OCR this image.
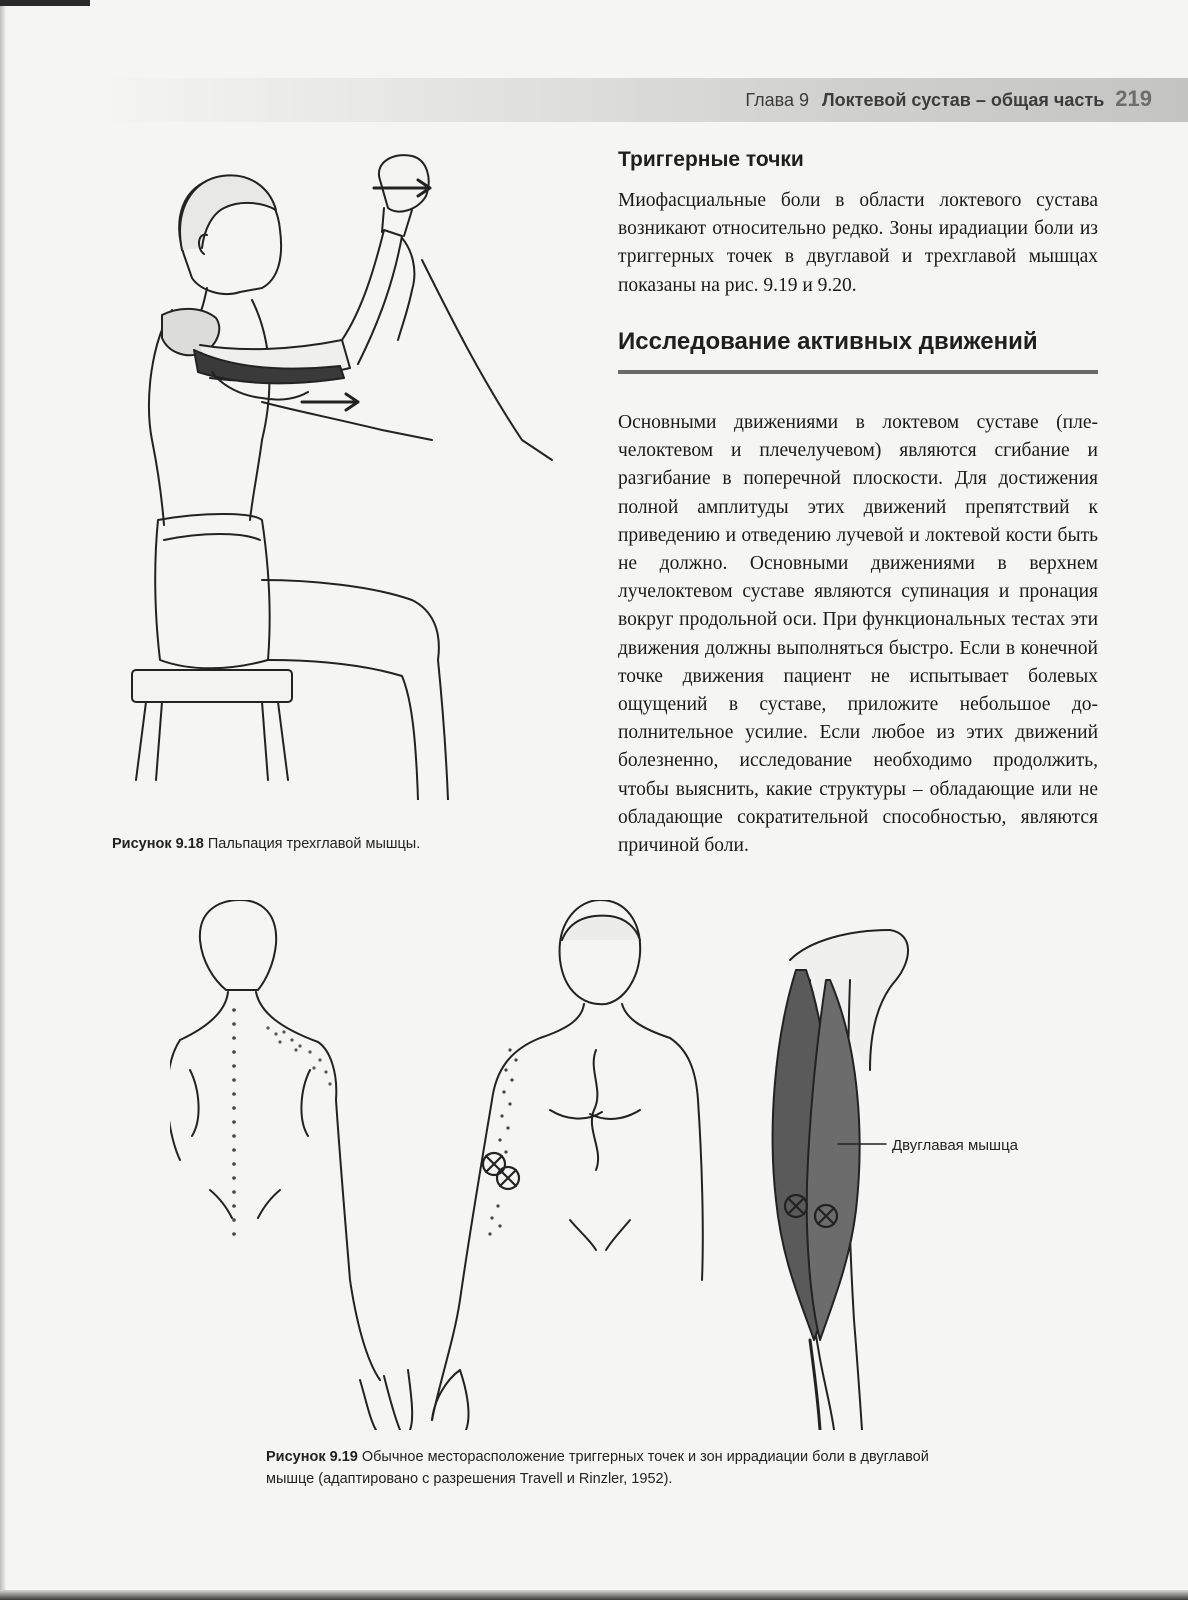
Глава 9 Локтевой сустав – общая часть 219

Рисунок 9.18 Пальпация трехглавой мышцы.

Триггерные точки

Миофасциальные боли в области локтевого сустава возникают относительно редко. Зоны ирадиации боли из триггерных точек в двуглавой и трехглавой мышцах показаны на рис. 9.19 и 9.20.

Исследование активных движений

Основными движениями в локтевом суставе (плечелоктевом и плечелучевом) являются сгибание и разгибание в поперечной плоскости. Для достижения полной амплитуды этих движений препятствий к приведению и отведению лучевой и локтевой кости быть не должно. Основными движениями в верхнем лучелоктевом суставе являются супинация и пронация вокруг продольной оси. При функциональных тестах эти движения должны выполняться быстро. Если в конечной точке движения пациент не испытывает болевых ощущений в суставе, приложите небольшое дополнительное усилие. Если любое из этих движений болезненно, исследование необходимо продолжить, чтобы выяснить, какие структуры – обладающие или не обладающие сократительной способностью, являются причиной боли.

Двуглавая мышца

Рисунок 9.19 Обычное месторасположение триггерных точек и зон иррадиации боли в двуглавой мышце (адаптировано с разрешения Travell и Rinzler, 1952).
